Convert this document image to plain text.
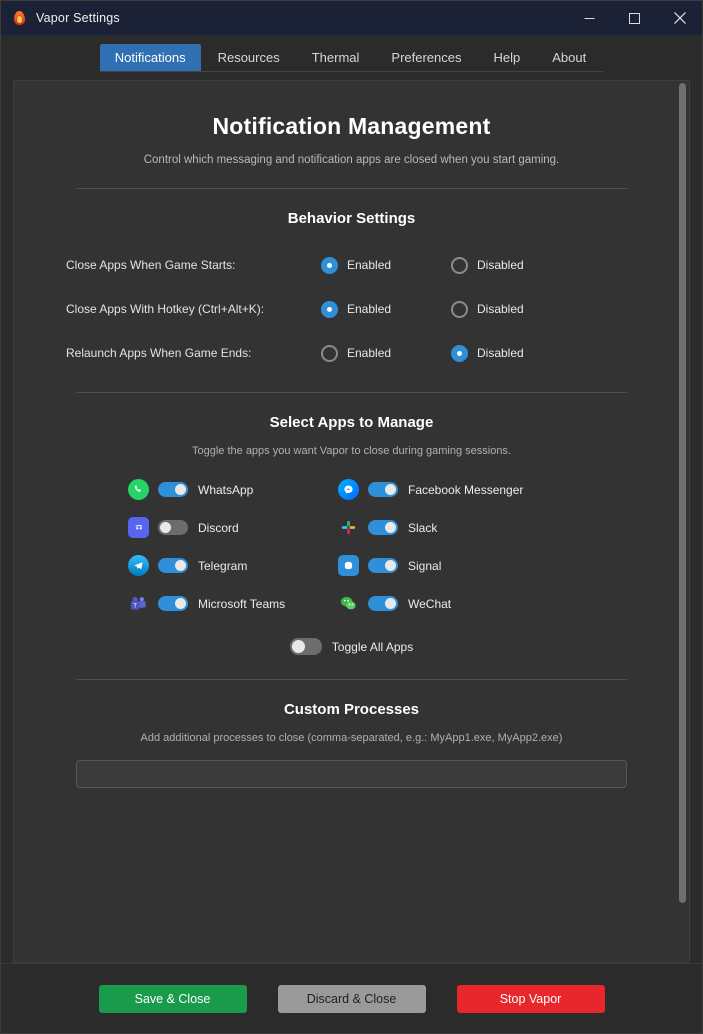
Vapor Settings
Notifications	Resources	Thermal	Preferences	Help	About
Notification Management
Control which messaging and notification apps are closed when you start gaming.
Behavior Settings
Close Apps When Game Starts:	Enabled	Disabled
Close Apps With Hotkey (Ctrl+Alt+K):	Enabled	Disabled
Relaunch Apps When Game Ends:	Enabled	Disabled
Select Apps to Manage
Toggle the apps you want Vapor to close during gaming sessions.
WhatsApp	Facebook Messenger
Discord	Slack
Telegram	Signal
T	Microsoft Teams	WeChat
Toggle All Apps
Custom Processes
Add additional processes to close (comma-separated, e.g.: MyApp1.exe, MyApp2.exe)
Save & Close	Discard & Close	Stop Vapor
